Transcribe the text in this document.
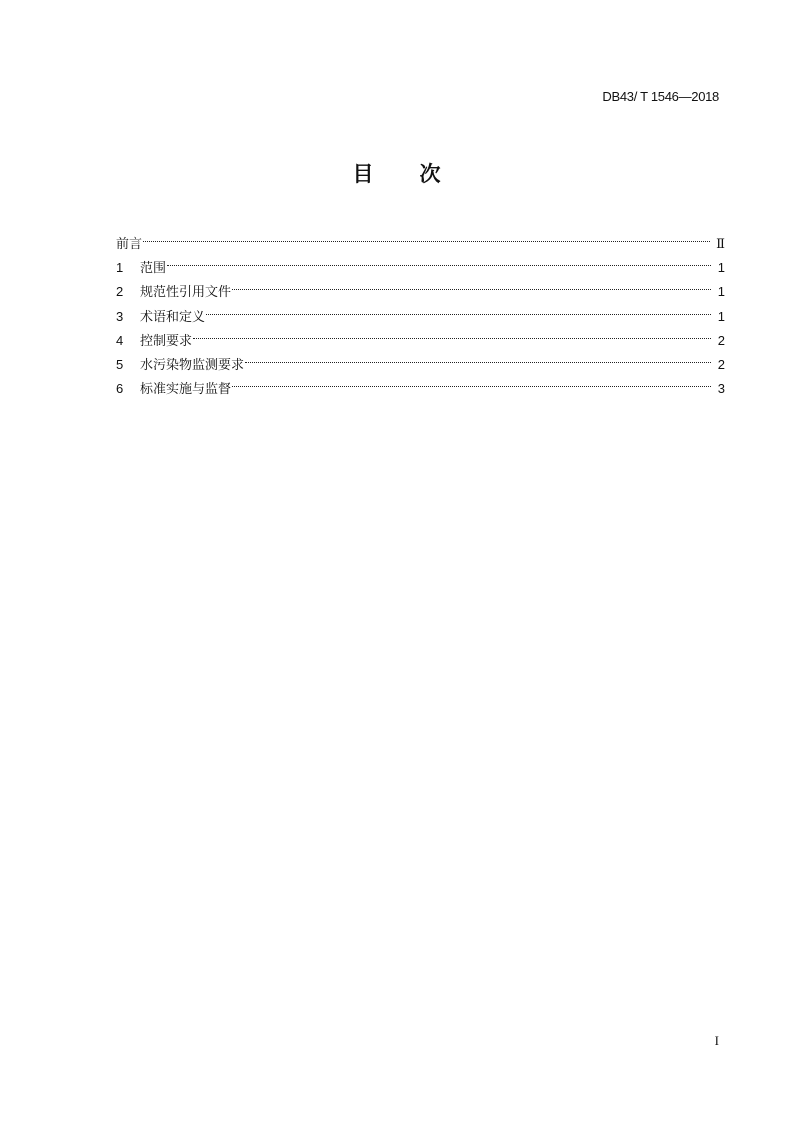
DB43/ T 1546—2018
目 次
前言	Ⅱ
1	范围	1
2	规范性引用文件	1
3	术语和定义	1
4	控制要求	2
5	水污染物监测要求	2
6	标准实施与监督	3
I
